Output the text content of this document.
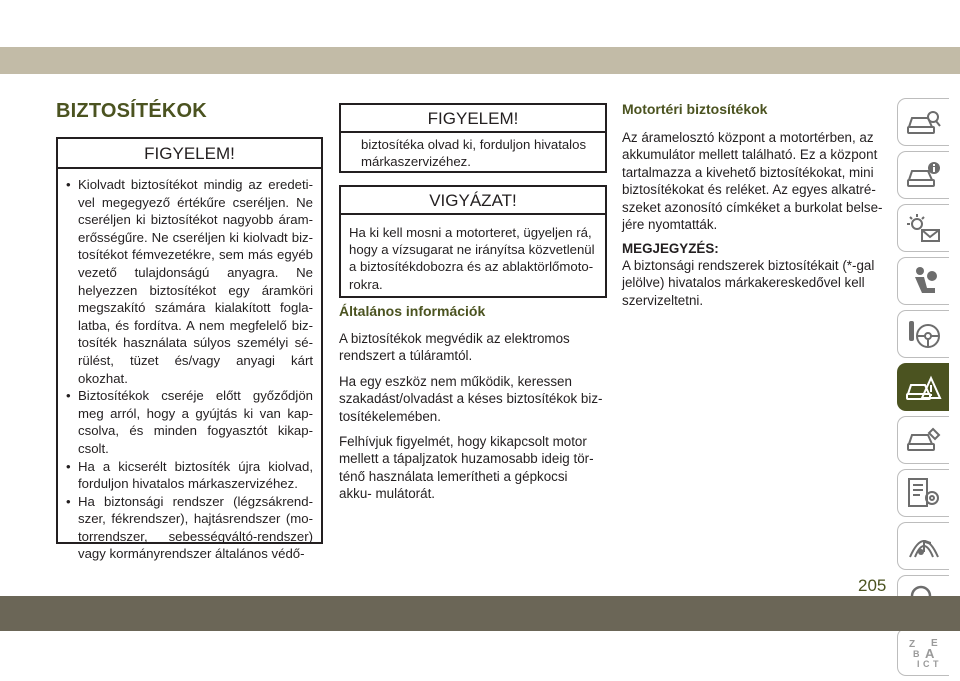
BIZTOSÍTÉKOK
FIGYELEM!
• Kiolvadt biztosítékot mindig az eredeti- vel megegyező értékűre cseréljen. Ne cseréljen ki biztosítékot nagyobb áram- erősségűre. Ne cseréljen ki kiolvadt biz- tosítékot fémvezetékre, sem más egyéb vezető tulajdonságú anyagra. Ne helyezzen biztosítékot egy áramköri megszakító számára kialakított fogla- latba, és fordítva. A nem megfelelő biz- tosíték használata súlyos személyi sé- rülést, tüzet és/vagy anyagi kárt okozhat.
• Biztosítékok cseréje előtt győződjön meg arról, hogy a gyújtás ki van kap- csolva, és minden fogyasztót kikap- csolt.
• Ha a kicserélt biztosíték újra kiolvad, forduljon hivatalos márkaszervizéhez.
• Ha biztonsági rendszer (légzsákrend- szer, fékrendszer), hajtásrendszer (mo- torrendszer, sebességváltó-rendszer) vagy kormányrendszer általános védő-
FIGYELEM!
biztosítéka olvad ki, forduljon hivatalos márkaszervizéhez.
VIGYÁZAT!
Ha ki kell mosni a motorteret, ügyeljen rá, hogy a vízsugarat ne irányítsa közvetlenül a biztosítékdobozra és az ablaktörlőmoto- rokra.
Általános információk
A biztosítékok megvédik az elektromos rendszert a túláramtól.
Ha egy eszköz nem működik, keressen szakadást/olvadást a késes biztosítékok biz- tosítékelemében.
Felhívjuk figyelmét, hogy kikapcsolt motor mellett a tápaljzatok huzamosabb ideig tör- ténő használata lemerítheti a gépkocsi akku- mulátorát.
Motortéri biztosítékok
Az áramelosztó központ a motortérben, az akkumulátor mellett található. Ez a központ tartalmazza a kivehető biztosítékokat, mini biztosítékokat és reléket. Az egyes alkatré- szeket azonosító címkéket a burkolat belse- jére nyomtatták.
MEGJEGYZÉS:
A biztonsági rendszerek biztosítékait (*-gal jelölve) hivatalos márkakereskedővel kell szervizeltetni.
Z E
B A
I C T
205
carmanualsonline.info
